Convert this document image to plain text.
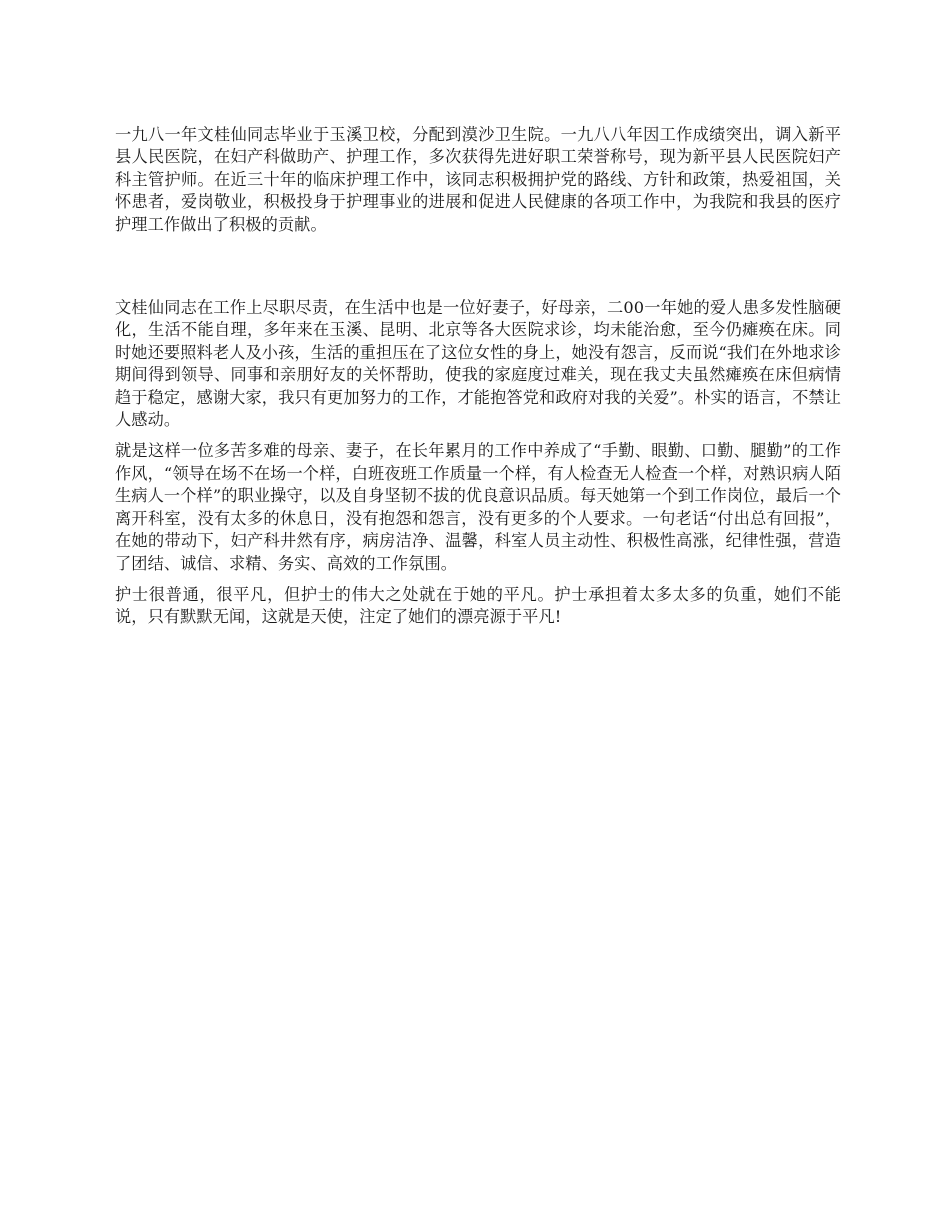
一九八一年文桂仙同志毕业于玉溪卫校，分配到漠沙卫生院。一九八八年因工作成绩突出，调入新平县人民医院，在妇产科做助产、护理工作，多次获得先进好职工荣誉称号，现为新平县人民医院妇产科主管护师。在近三十年的临床护理工作中，该同志积极拥护党的路线、方针和政策，热爱祖国，关怀患者，爱岗敬业，积极投身于护理事业的进展和促进人民健康的各项工作中，为我院和我县的医疗护理工作做出了积极的贡献。

文桂仙同志在工作上尽职尽责，在生活中也是一位好妻子，好母亲，二00一年她的爱人患多发性脑硬化，生活不能自理，多年来在玉溪、昆明、北京等各大医院求诊，均未能治愈，至今仍瘫痪在床。同时她还要照料老人及小孩，生活的重担压在了这位女性的身上，她没有怨言，反而说“我们在外地求诊期间得到领导、同事和亲朋好友的关怀帮助，使我的家庭度过难关，现在我丈夫虽然瘫痪在床但病情趋于稳定，感谢大家，我只有更加努力的工作，才能抱答党和政府对我的关爱”。朴实的语言，不禁让人感动。

就是这样一位多苦多难的母亲、妻子，在长年累月的工作中养成了“手勤、眼勤、口勤、腿勤”的工作作风，“领导在场不在场一个样，白班夜班工作质量一个样，有人检查无人检查一个样，对熟识病人陌生病人一个样”的职业操守，以及自身坚韧不拔的优良意识品质。每天她第一个到工作岗位，最后一个离开科室，没有太多的休息日，没有抱怨和怨言，没有更多的个人要求。一句老话“付出总有回报”，在她的带动下，妇产科井然有序，病房洁净、温馨，科室人员主动性、积极性高涨，纪律性强，营造了团结、诚信、求精、务实、高效的工作氛围。

护士很普通，很平凡，但护士的伟大之处就在于她的平凡。护士承担着太多太多的负重，她们不能说，只有默默无闻，这就是天使，注定了她们的漂亮源于平凡!
